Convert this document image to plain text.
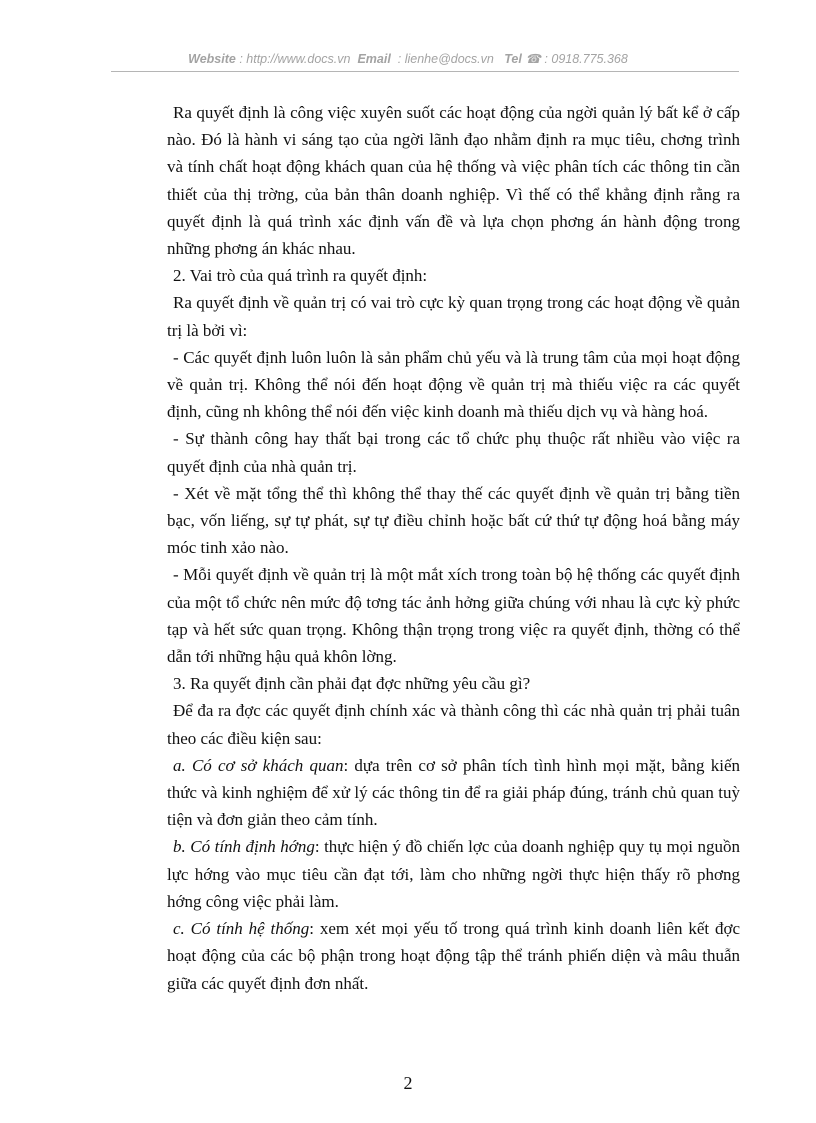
Website : http://www.docs.vn Email : lienhe@docs.vn Tel ☎ : 0918.775.368

Ra quyết định là công việc xuyên suốt các hoạt động của ngời quản lý bất kể ở cấp nào. Đó là hành vi sáng tạo của ngời lãnh đạo nhằm định ra mục tiêu, chơng trình và tính chất hoạt động khách quan của hệ thống và việc phân tích các thông tin cần thiết của thị trờng, của bản thân doanh nghiệp. Vì thế có thể khẳng định rằng ra quyết định là quá trình xác định vấn đề và lựa chọn phơng án hành động trong những phơng án khác nhau.

2. Vai trò của quá trình ra quyết định:

Ra quyết định về quản trị có vai trò cực kỳ quan trọng trong các hoạt động về quản trị là bởi vì:

- Các quyết định luôn luôn là sản phẩm chủ yếu và là trung tâm của mọi hoạt động về quản trị. Không thể nói đến hoạt động về quản trị mà thiếu việc ra các quyết định, cũng nh không thể nói đến việc kinh doanh mà thiếu dịch vụ và hàng hoá.

- Sự thành công hay thất bại trong các tổ chức phụ thuộc rất nhiều vào việc ra quyết định của nhà quản trị.

- Xét về mặt tổng thể thì không thể thay thế các quyết định về quản trị bằng tiền bạc, vốn liếng, sự tự phát, sự tự điều chỉnh hoặc bất cứ thứ tự động hoá bằng máy móc tinh xảo nào.

- Mỗi quyết định về quản trị là một mắt xích trong toàn bộ hệ thống các quyết định của một tổ chức nên mức độ tơng tác ảnh hởng giữa chúng với nhau là cực kỳ phức tạp và hết sức quan trọng. Không thận trọng trong việc ra quyết định, thờng có thể dẫn tới những hậu quả khôn lờng.

3. Ra quyết định cần phải đạt đợc những yêu cầu gì?

Để đa ra đợc các quyết định chính xác và thành công thì các nhà quản trị phải tuân theo các điều kiện sau:

a. Có cơ sở khách quan: dựa trên cơ sở phân tích tình hình mọi mặt, bằng kiến thức và kinh nghiệm để xử lý các thông tin để ra giải pháp đúng, tránh chủ quan tuỳ tiện và đơn giản theo cảm tính.

b. Có tính định hớng: thực hiện ý đồ chiến lợc của doanh nghiệp quy tụ mọi nguồn lực hớng vào mục tiêu cần đạt tới, làm cho những ngời thực hiện thấy rõ phơng hớng công việc phải làm.

c. Có tính hệ thống: xem xét mọi yếu tố trong quá trình kinh doanh liên kết đợc hoạt động của các bộ phận trong hoạt động tập thể tránh phiến diện và mâu thuẫn giữa các quyết định đơn nhất.

2
